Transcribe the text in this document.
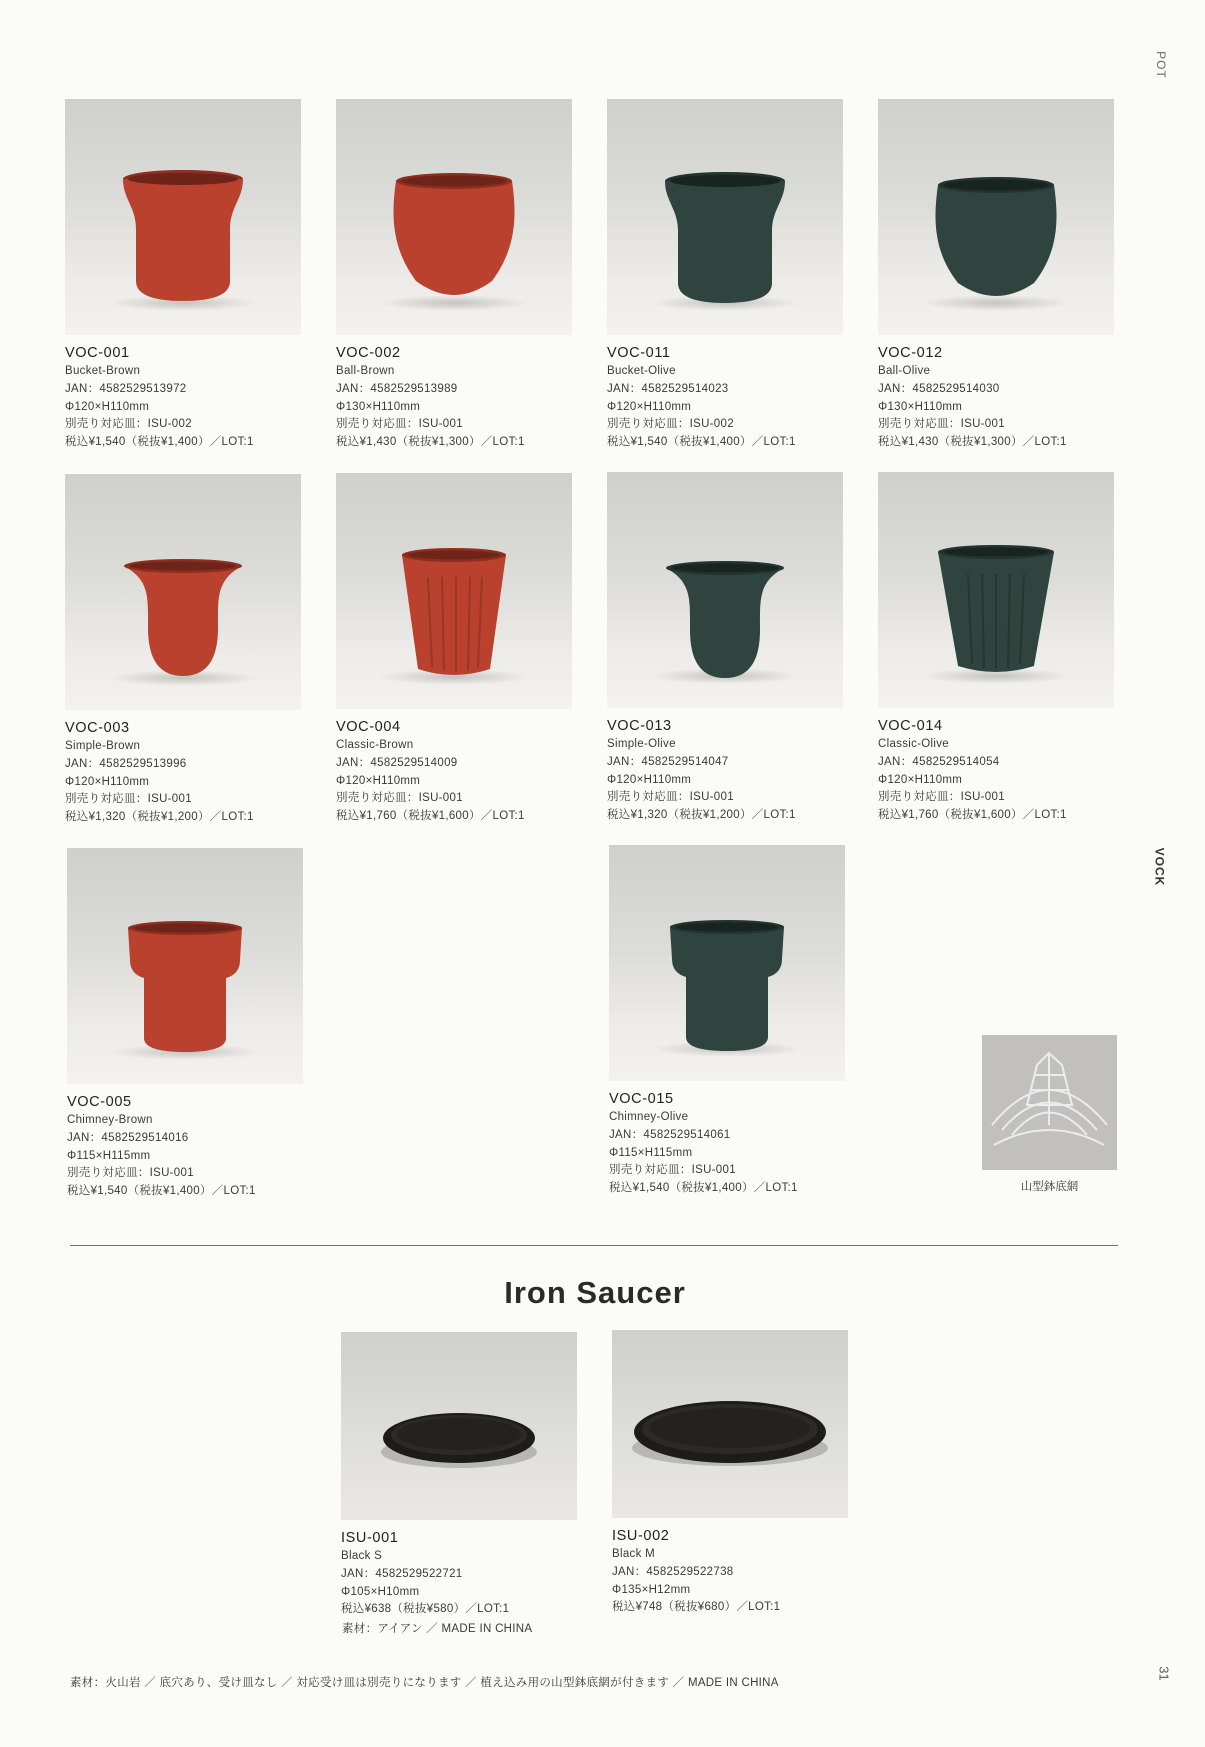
POT
VOCK
31
VOC-001
Bucket-Brown
JAN：4582529513972
Φ120×H110mm
別売り対応皿：ISU-002
税込¥1,540（税抜¥1,400）／LOT:1
VOC-002
Ball-Brown
JAN：4582529513989
Φ130×H110mm
別売り対応皿：ISU-001
税込¥1,430（税抜¥1,300）／LOT:1
VOC-011
Bucket-Olive
JAN：4582529514023
Φ120×H110mm
別売り対応皿：ISU-002
税込¥1,540（税抜¥1,400）／LOT:1
VOC-012
Ball-Olive
JAN：4582529514030
Φ130×H110mm
別売り対応皿：ISU-001
税込¥1,430（税抜¥1,300）／LOT:1
VOC-003
Simple-Brown
JAN：4582529513996
Φ120×H110mm
別売り対応皿：ISU-001
税込¥1,320（税抜¥1,200）／LOT:1
VOC-004
Classic-Brown
JAN：4582529514009
Φ120×H110mm
別売り対応皿：ISU-001
税込¥1,760（税抜¥1,600）／LOT:1
VOC-013
Simple-Olive
JAN：4582529514047
Φ120×H110mm
別売り対応皿：ISU-001
税込¥1,320（税抜¥1,200）／LOT:1
VOC-014
Classic-Olive
JAN：4582529514054
Φ120×H110mm
別売り対応皿：ISU-001
税込¥1,760（税抜¥1,600）／LOT:1
VOC-005
Chimney-Brown
JAN：4582529514016
Φ115×H115mm
別売り対応皿：ISU-001
税込¥1,540（税抜¥1,400）／LOT:1
VOC-015
Chimney-Olive
JAN：4582529514061
Φ115×H115mm
別売り対応皿：ISU-001
税込¥1,540（税抜¥1,400）／LOT:1	山型鉢底網
Iron Saucer
ISU-001
Black S
JAN：4582529522721
Φ105×H10mm
税込¥638（税抜¥580）／LOT:1
ISU-002
Black M
JAN：4582529522738
Φ135×H12mm
税込¥748（税抜¥680）／LOT:1
素材：アイアン ／ MADE IN CHINA
素材：火山岩 ／ 底穴あり、受け皿なし ／ 対応受け皿は別売りになります ／ 植え込み用の山型鉢底網が付きます ／ MADE IN CHINA
